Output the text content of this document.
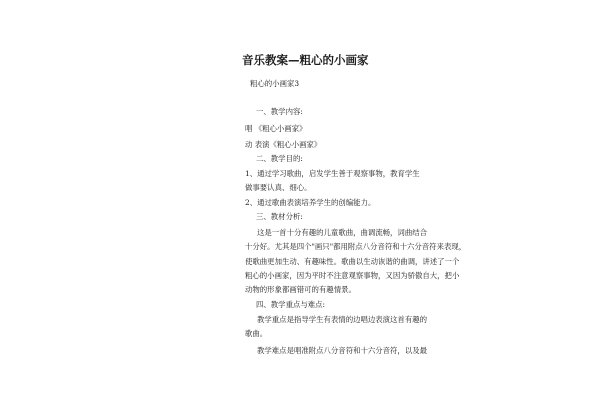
音乐教案—粗心的小画家
粗心的小画家3
一、教学内容:
唱 《粗心小画家》
动 表演《粗心小画家》
二、教学目的:
1、通过学习歌曲，启发学生善于观察事物，教育学生
做事要认真、细心。
2、通过歌曲表演培养学生的创编能力。
三、教材分析:
这是一首十分有趣的儿童歌曲，曲调流畅，词曲结合
十分好。尤其是四个"画只"都用附点八分音符和十六分音符来表现，
使歌曲更加生动、有趣味性。歌曲以生动诙谐的曲调，讲述了一个
粗心的小画家，因为平时不注意观察事物，又因为骄傲自大，把小
动物的形象都画错可的有趣情景。
四、教学重点与难点:
教学重点是指导学生有表情的边唱边表演这首有趣的
歌曲。
教学难点是唱准附点八分音符和十六分音符，以及最
